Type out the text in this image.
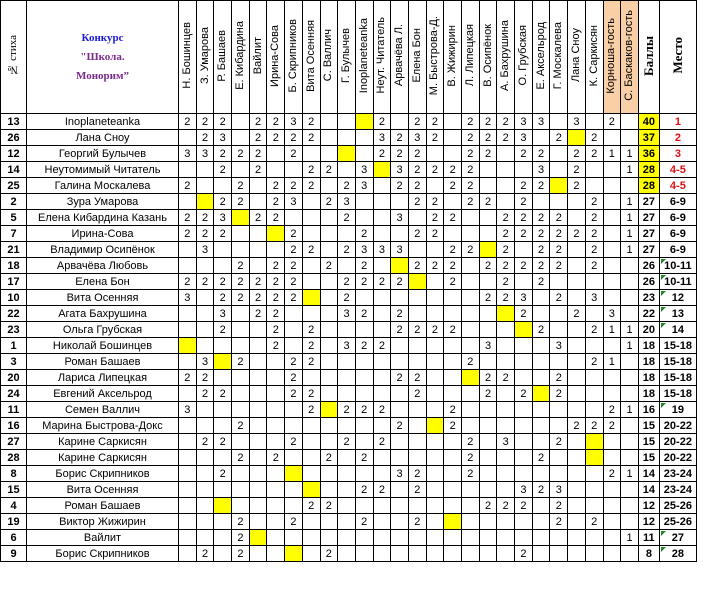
№ стиха	Конкурс
"Школа.
Моноримˮ	Н. Бошинцев	З. Умарова	Р. Башаев	Е. Кибардина	Вайлит	Ирина-Сова	Б. Скрипников	Вита Осенняя	С. Валлич	Г. Булычев	Inoplaneteanka	Неут. Читатель	Арвачёва Л.	Елена Бон	М. Быстрова-Д.	В. Жижирин	Л. Липецкая	В. Осипёнок	А. Бахрушина	О. Грубская	Е. Аксельрод	Г. Москалева	Лана Сноу	К. Саркисян	Корноша-гость	С. Баскаков-гость	Баллы	Место
13	Inoplaneteanka	2	2	2		2	2	3	2				2		2	2		2	2	2	3	3		3		2		40	1
26	Лана Сноу		2	3		2	2	2	2				3	2	3	2		2	2	2	3		2		2			37	2
12	Георгий Булычев	3	3	2	2	2		2					2	2	2			2	2		2	2		2	2	1	1	36	3
14	Неутомимый Читатель			2		2			2	2		3		3	2	2	2	2				3		2			1	28	4-5
25	Галина Москалева	2			2		2	2	2		2	3		2	2		2	2			2	2		2				28	4-5
2	Зура Умарова			2	2		2	3		2	3				2	2		2	2		2				2		1	27	6-9
5	Елена Кибардина Казань	2	2	3		2	2				2			3		2	2			2	2	2	2		2		1	27	6-9
7	Ирина-Сова	2	2	2				2				2			2	2				2	2	2	2	2	2		1	27	6-9
21	Владимир Осипёнок		3					2	2		2	3	3	3			2	2		2		2	2		2		1	27	6-9
18	Арвачёва Любовь				2		2	2		2		2			2	2	2		2	2	2	2	2		2			26	10-11

17	Елена Бон	2	2	2	2	2	2	2			2	2	2	2			2			2		2						26	10-11

10	Вита Осенняя	3		2	2	2	2	2			2								2	2	3		2		3			23	12

22	Агата Бахрушина			3		2	2				3	2		2							2			2		3		22	13

23	Ольга Грубская			2			2		2					2	2	2	2					2			2	1	1	20	14

1	Николай Бошинцев						2		2		3	2	2						3				3				1	18	15-18
3	Роман Башаев		3		2			2	2									2							2	1		18	15-18
20	Лариса Липецкая	2	2					2						2	2				2	2			2					18	15-18
24	Евгений Аксельрод		2	2				2	2						2				2		2		2					18	15-18
11	Семен Валлич	3							2		2	2	2				2									2	1	16	19

16	Марина Быстрова-Докс				2									2			2							2	2	2		15	20-22
27	Карине Саркисян		2	2				2			2		2					2		3			2					15	20-22
28	Карине Саркисян				2		2			2		2						2				2						15	20-22
8	Борис Скрипников			2										3	2			2								2	1	14	23-24
15	Вита Осенняя											2	2		2						3	2	3					14	23-24
4	Роман Башаев								2	2									2	2	2		2					12	25-26
19	Виктор Жижирин				2			2				2			2								2		2			12	25-26
6	Вайлит				2																						1	11	27

9	Борис Скрипников		2		2					2											2							8	28
